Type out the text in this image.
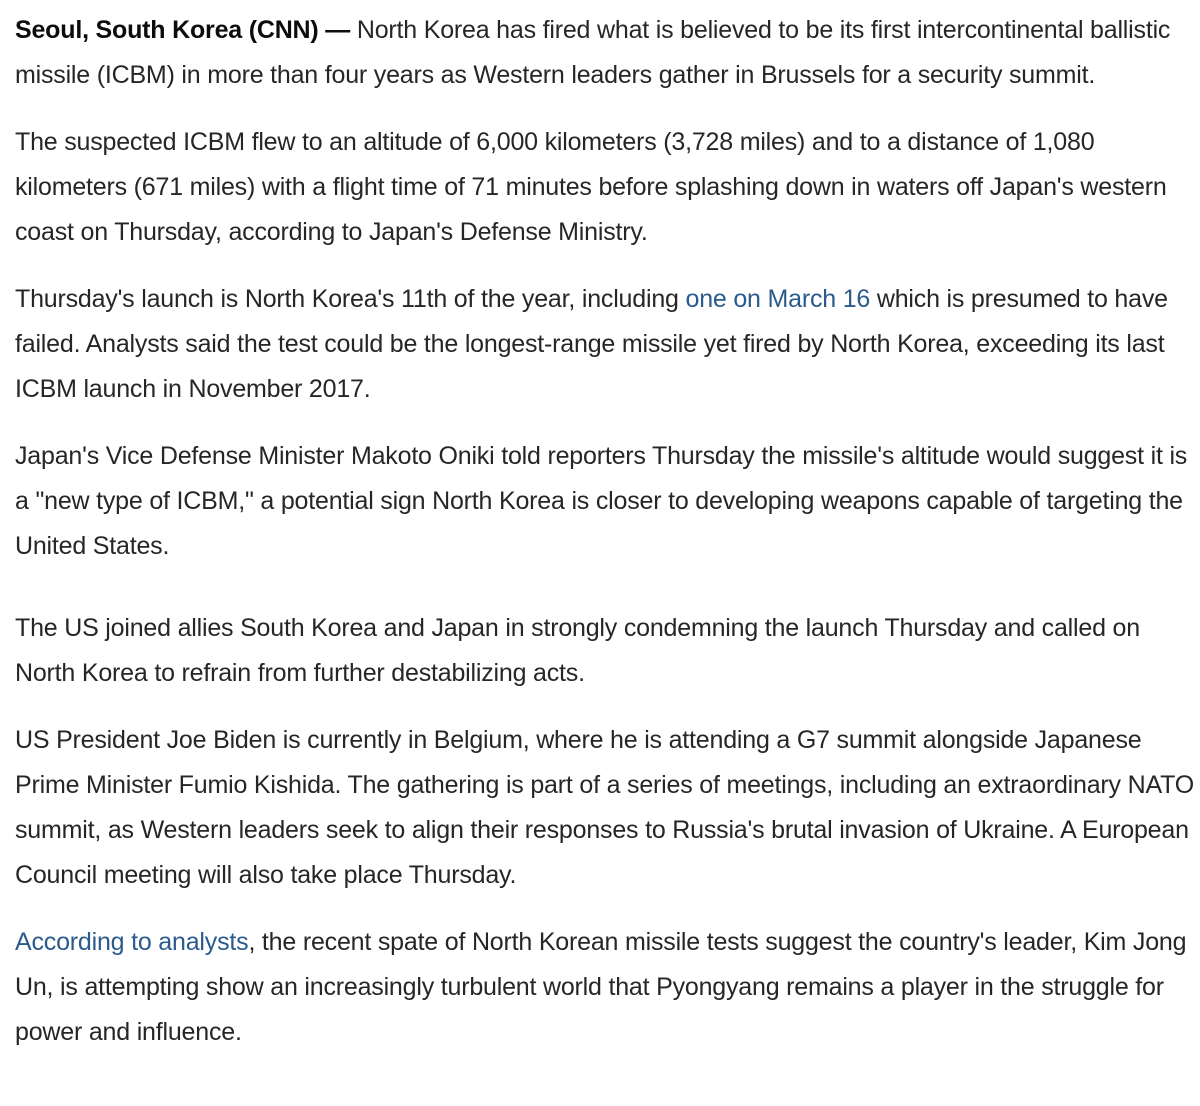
Seoul, South Korea (CNN) — North Korea has fired what is believed to be its first intercontinental ballistic missile (ICBM) in more than four years as Western leaders gather in Brussels for a security summit.

The suspected ICBM flew to an altitude of 6,000 kilometers (3,728 miles) and to a distance of 1,080 kilometers (671 miles) with a flight time of 71 minutes before splashing down in waters off Japan's western coast on Thursday, according to Japan's Defense Ministry.

Thursday's launch is North Korea's 11th of the year, including one on March 16 which is presumed to have failed. Analysts said the test could be the longest-range missile yet fired by North Korea, exceeding its last ICBM launch in November 2017.

Japan's Vice Defense Minister Makoto Oniki told reporters Thursday the missile's altitude would suggest it is a "new type of ICBM," a potential sign North Korea is closer to developing weapons capable of targeting the United States.

The US joined allies South Korea and Japan in strongly condemning the launch Thursday and called on North Korea to refrain from further destabilizing acts.

US President Joe Biden is currently in Belgium, where he is attending a G7 summit alongside Japanese Prime Minister Fumio Kishida. The gathering is part of a series of meetings, including an extraordinary NATO summit, as Western leaders seek to align their responses to Russia's brutal invasion of Ukraine. A European Council meeting will also take place Thursday.

According to analysts, the recent spate of North Korean missile tests suggest the country's leader, Kim Jong Un, is attempting show an increasingly turbulent world that Pyongyang remains a player in the struggle for power and influence.
